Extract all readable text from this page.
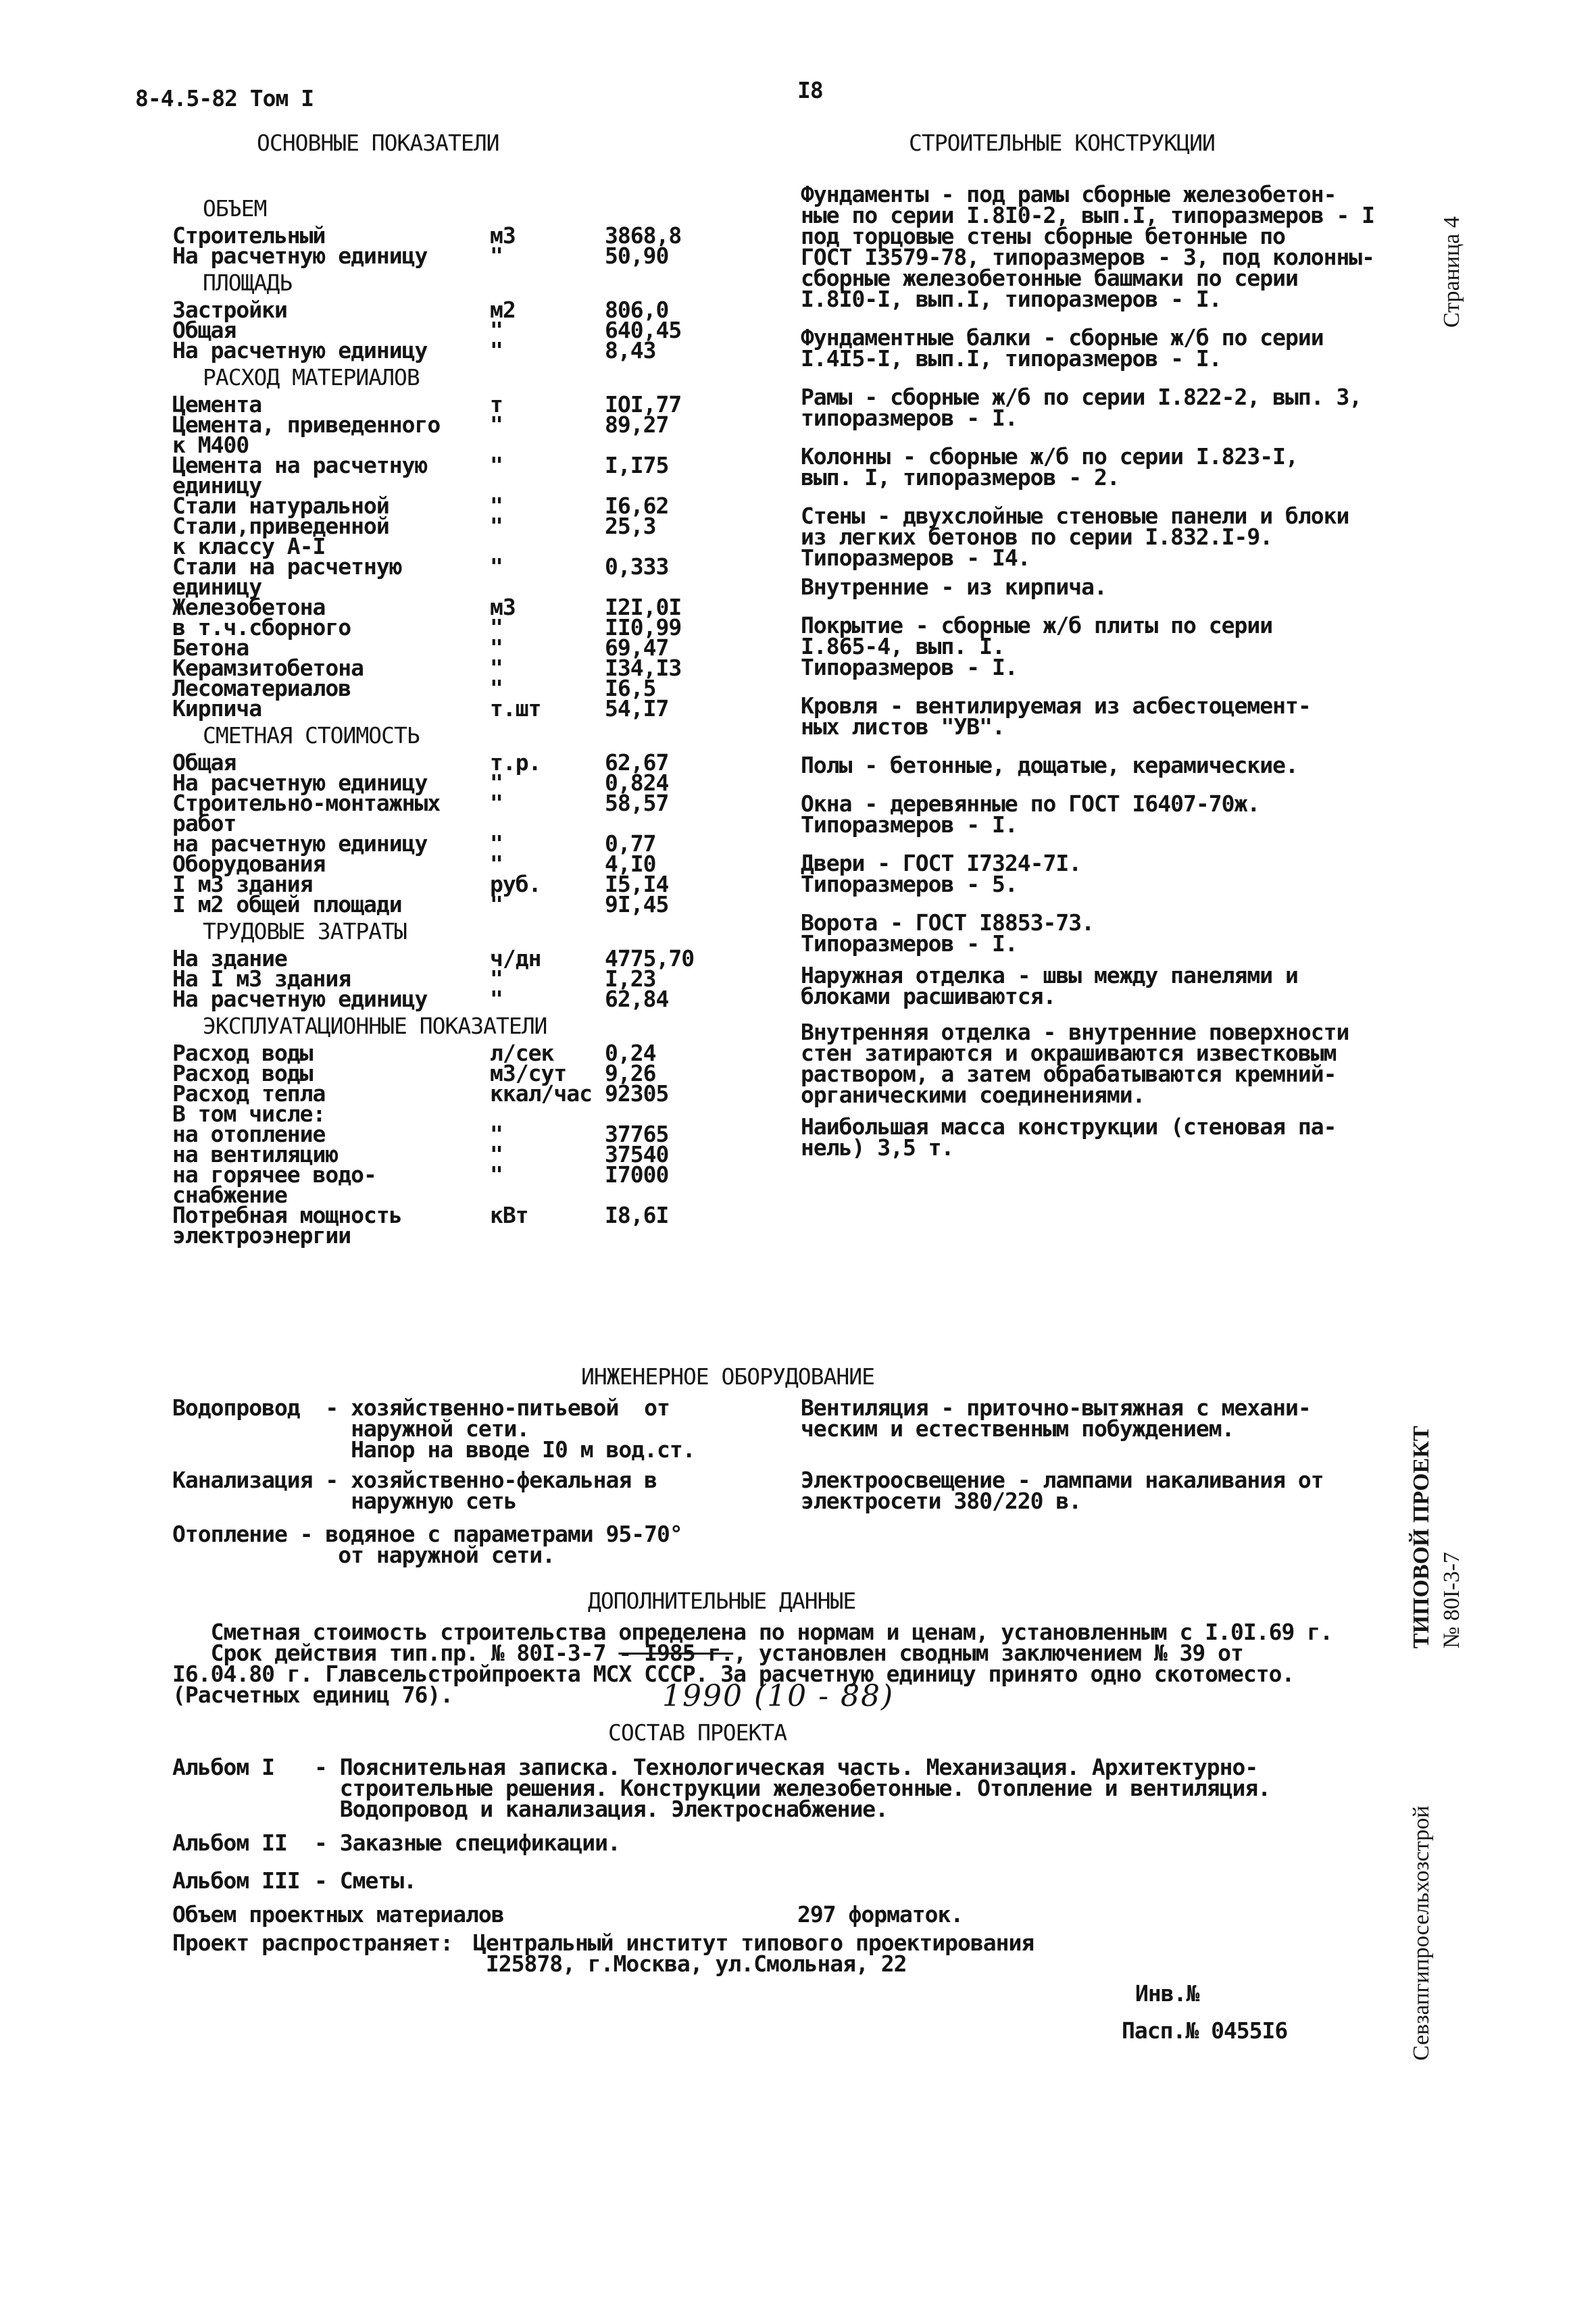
8-4.5-82 Том I	I8
ОСНОВНЫЕ ПОКАЗАТЕЛИ
ОБЪЕМ		
Строительный	м3	3868,8
На расчетную единицу	"	50,90
ПЛОЩАДЬ		
Застройки	м2	806,0
Общая	"	640,45
На расчетную единицу	"	8,43
РАСХОД МАТЕРИАЛОВ		
Цемента	т	IOI,77
Цемента, приведенного
к М400	"	89,27
Цемента на расчетную
единицу	"	I,I75
Стали натуральной	"	I6,62
Стали,приведенной
к классу А-I	"	25,3
Стали на расчетную
единицу	"	0,333
Железобетона	м3	I2I,0I
в т.ч.сборного	"	II0,99
Бетона	"	69,47
Керамзитобетона	"	I34,I3
Лесоматериалов	"	I6,5
Кирпича	т.шт	54,I7
СМЕТНАЯ СТОИМОСТЬ		
Общая	т.р.	62,67
На расчетную единицу	"	0,824
Строительно-монтажных
работ	"	58,57
на расчетную единицу	"	0,77
Оборудования	"	4,I0
I м3 здания	руб.	I5,I4
I м2 общей площади	"	9I,45
ТРУДОВЫЕ ЗАТРАТЫ		
На здание	ч/дн	4775,70
На I м3 здания	"	I,23
На расчетную единицу	"	62,84
ЭКСПЛУАТАЦИОННЫЕ ПОКАЗАТЕЛИ		
Расход воды	л/сек	0,24
Расход воды	м3/сут	9,26
Расход тепла	ккал/час	92305
В том числе:		
на отопление	"	37765
на вентиляцию	"	37540
на горячее водо-
снабжение	"	I7000
Потребная мощность
электроэнергии	кВт	I8,6I
СТРОИТЕЛЬНЫЕ КОНСТРУКЦИИ
Фундаменты - под рамы сборные железобетон-
ные по серии I.8I0-2, вып.I, типоразмеров - I
под торцовые стены сборные бетонные по
ГОСТ I3579-78, типоразмеров - 3, под колонны-
сборные железобетонные башмаки по серии
I.8I0-I, вып.I, типоразмеров - I.
Фундаментные балки - сборные ж/б по серии
I.4I5-I, вып.I, типоразмеров - I.
Рамы - сборные ж/б по серии I.822-2, вып. 3,
типоразмеров - I.
Колонны - сборные ж/б по серии I.823-I,
вып. I, типоразмеров - 2.
Стены - двухслойные стеновые панели и блоки
из легких бетонов по серии I.832.I-9.
Типоразмеров - I4.
Внутренние - из кирпича.
Покрытие - сборные ж/б плиты по серии
I.865-4, вып. I.
Типоразмеров - I.
Кровля - вентилируемая из асбестоцемент-
ных листов "УВ".
Полы - бетонные, дощатые, керамические.
Окна - деревянные по ГОСТ I6407-70ж.
Типоразмеров - I.
Двери - ГОСТ I7324-7I.
Типоразмеров - 5.
Ворота - ГОСТ I8853-73.
Типоразмеров - I.
Наружная отделка - швы между панелями и
блоками расшиваются.
Внутренняя отделка - внутренние поверхности
стен затираются и окрашиваются известковым
раствором, а затем обрабатываются кремний-
органическими соединениями.
Наибольшая масса конструкции (стеновая па-
нель) 3,5 т.
ИНЖЕНЕРНОЕ ОБОРУДОВАНИЕ
Водопровод  - хозяйственно-питьевой  от
наружной сети.
Напор на вводе I0 м вод.ст.
Канализация - хозяйственно-фекальная в
наружную сеть
Отопление - водяное с параметрами 95-70°
от наружной сети.
Вентиляция - приточно-вытяжная с механи-
ческим и естественным побуждением.
Электроосвещение - лампами накаливания от
электросети 380/220 в.
ДОПОЛНИТЕЛЬНЫЕ ДАННЫЕ
Сметная стоимость строительства определена по нормам и ценам, установленным с I.0I.69 г.
Срок действия тип.пр. № 80I-3-7 - I985 г., установлен сводным заключением № 39 от
I6.04.80 г. Главсельстройпроекта МСХ СССР. За расчетную единицу принято одно скотоместо.
(Расчетных единиц 76).	1990 (10 - 88)
СОСТАВ ПРОЕКТА
Альбом I - Пояснительная записка. Технологическая часть. Механизация. Архитектурно-
строительные решения. Конструкции железобетонные. Отопление и вентиляция.
Водопровод и канализация. Электроснабжение.
Альбом II - Заказные спецификации.
Альбом III - Сметы.
Объем проектных материалов	297 форматок.
Проект распространяет: Центральный институт типового проектирования
I25878, г.Москва, ул.Смольная, 22
Инв.№
Пасп.№ 0455I6
Страница 4
ТИПОВОЙ ПРОЕКТ № 80I-3-7
Севзапгипросельхозстрой
